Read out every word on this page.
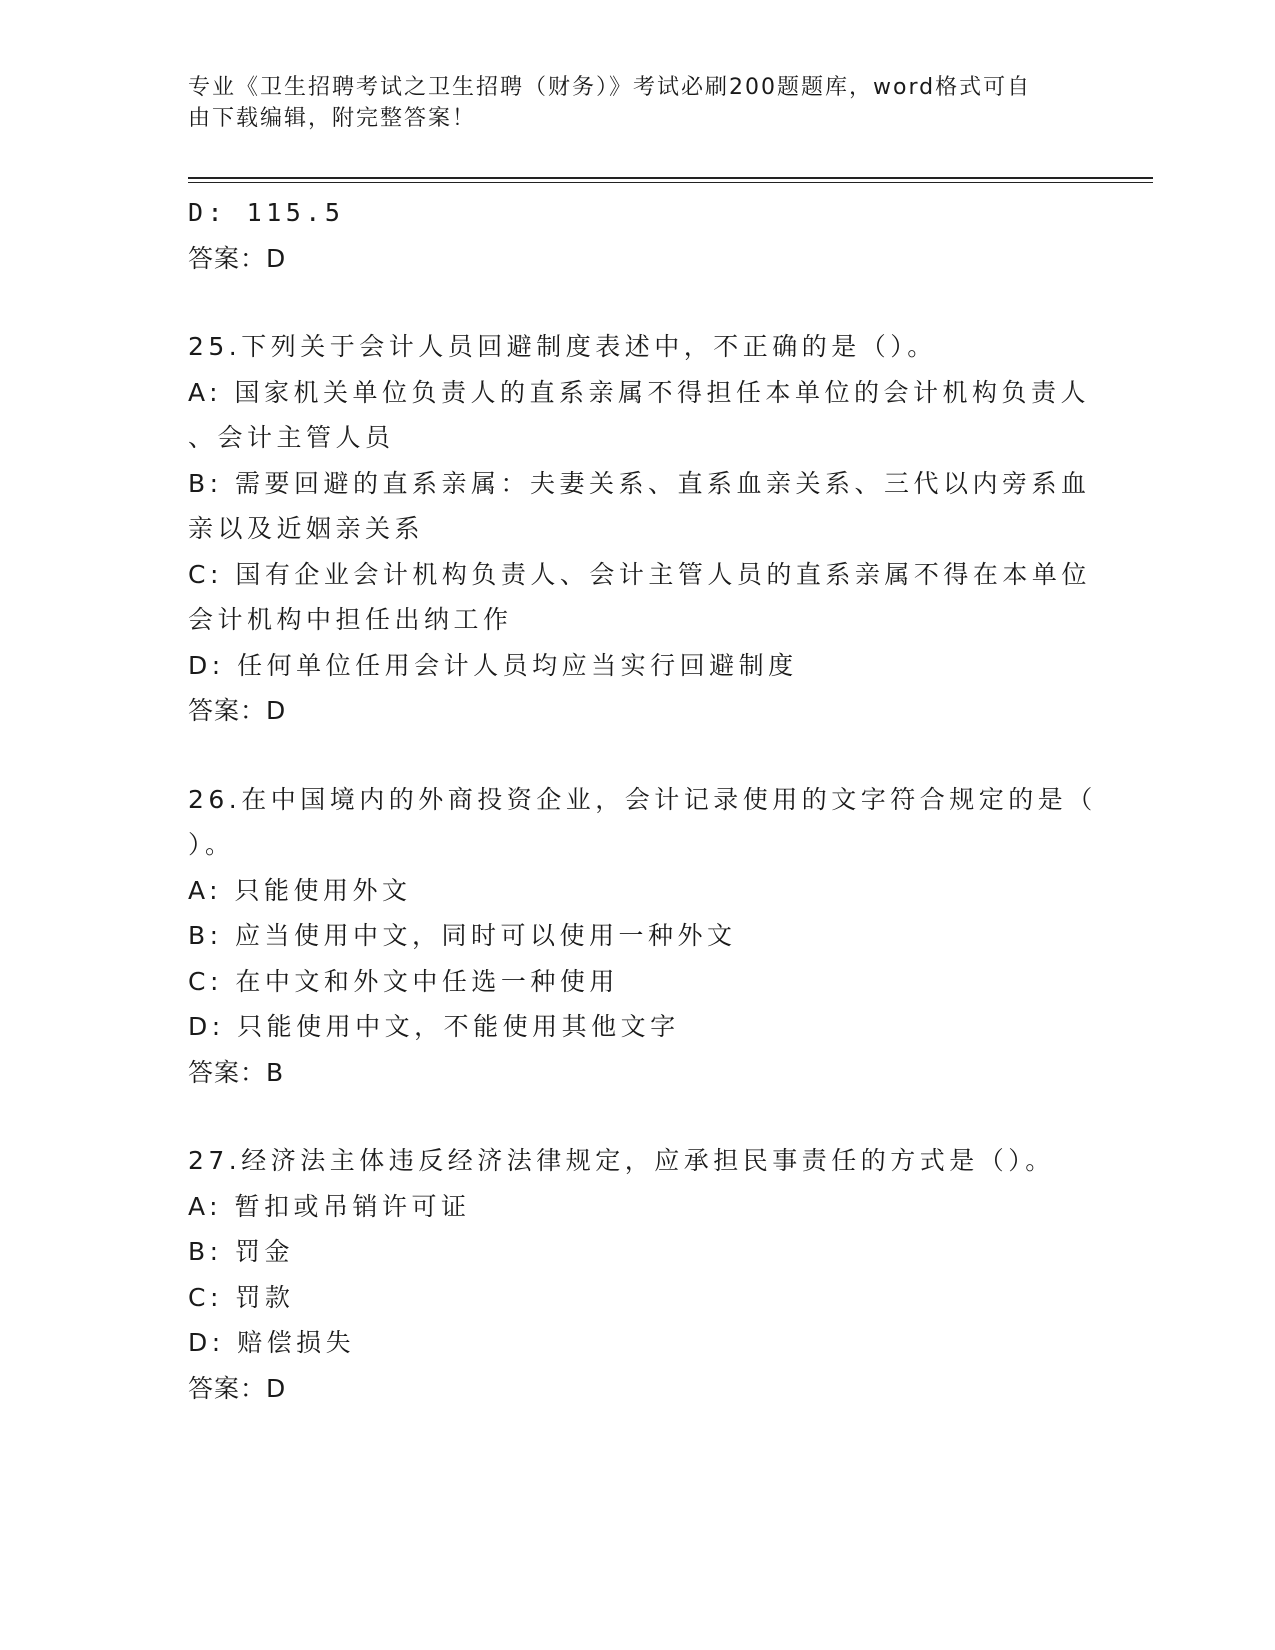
专业《卫生招聘考试之卫生招聘（财务）》考试必刷200题题库，word格式可自
由下载编辑，附完整答案！
D: 115.5
答案：D
25.下列关于会计人员回避制度表述中，不正确的是（）。
A: 国家机关单位负责人的直系亲属不得担任本单位的会计机构负责人
、会计主管人员
B: 需要回避的直系亲属：夫妻关系、直系血亲关系、三代以内旁系血
亲以及近姻亲关系
C: 国有企业会计机构负责人、会计主管人员的直系亲属不得在本单位
会计机构中担任出纳工作
D: 任何单位任用会计人员均应当实行回避制度
答案：D
26.在中国境内的外商投资企业，会计记录使用的文字符合规定的是（
）。
A: 只能使用外文
B: 应当使用中文，同时可以使用一种外文
C: 在中文和外文中任选一种使用
D: 只能使用中文，不能使用其他文字
答案：B
27.经济法主体违反经济法律规定，应承担民事责任的方式是（）。
A: 暂扣或吊销许可证
B: 罚金
C: 罚款
D: 赔偿损失
答案：D
